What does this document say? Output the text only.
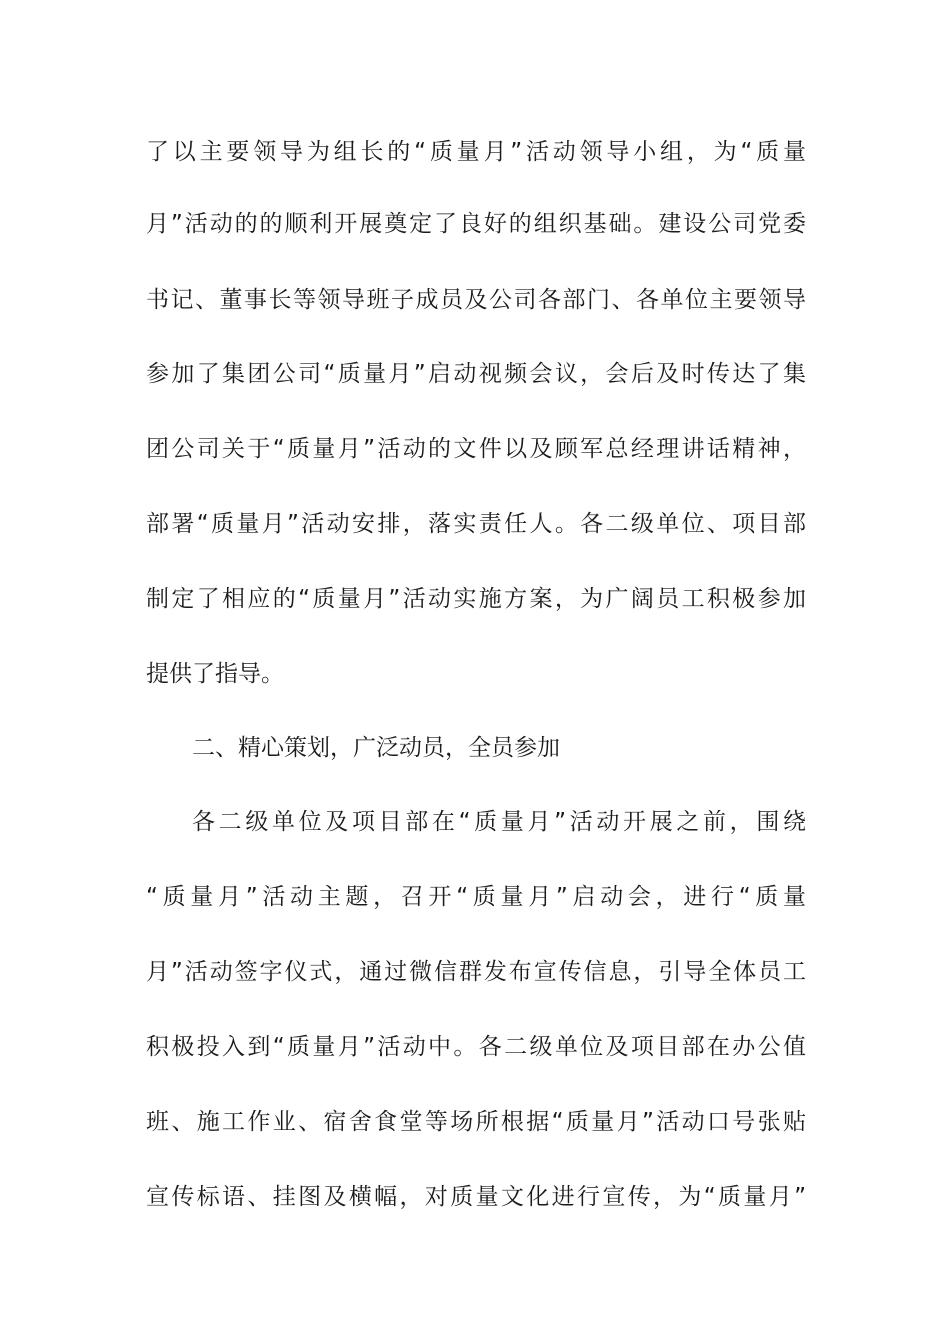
了以主要领导为组长的“质量月”活动领导小组，为“质量
月”活动的的顺利开展奠定了良好的组织基础。建设公司党委
书记、董事长等领导班子成员及公司各部门、各单位主要领导
参加了集团公司“质量月”启动视频会议，会后及时传达了集
团公司关于“质量月”活动的文件以及顾军总经理讲话精神，
部署“质量月”活动安排，落实责任人。各二级单位、项目部
制定了相应的“质量月”活动实施方案，为广阔员工积极参加
提供了指导。
二、精心策划，广泛动员，全员参加
各二级单位及项目部在“质量月”活动开展之前，围绕
“质量月”活动主题，召开“质量月”启动会，进行“质量
月”活动签字仪式，通过微信群发布宣传信息，引导全体员工
积极投入到“质量月”活动中。各二级单位及项目部在办公值
班、施工作业、宿舍食堂等场所根据“质量月”活动口号张贴
宣传标语、挂图及横幅，对质量文化进行宣传，为“质量月”
